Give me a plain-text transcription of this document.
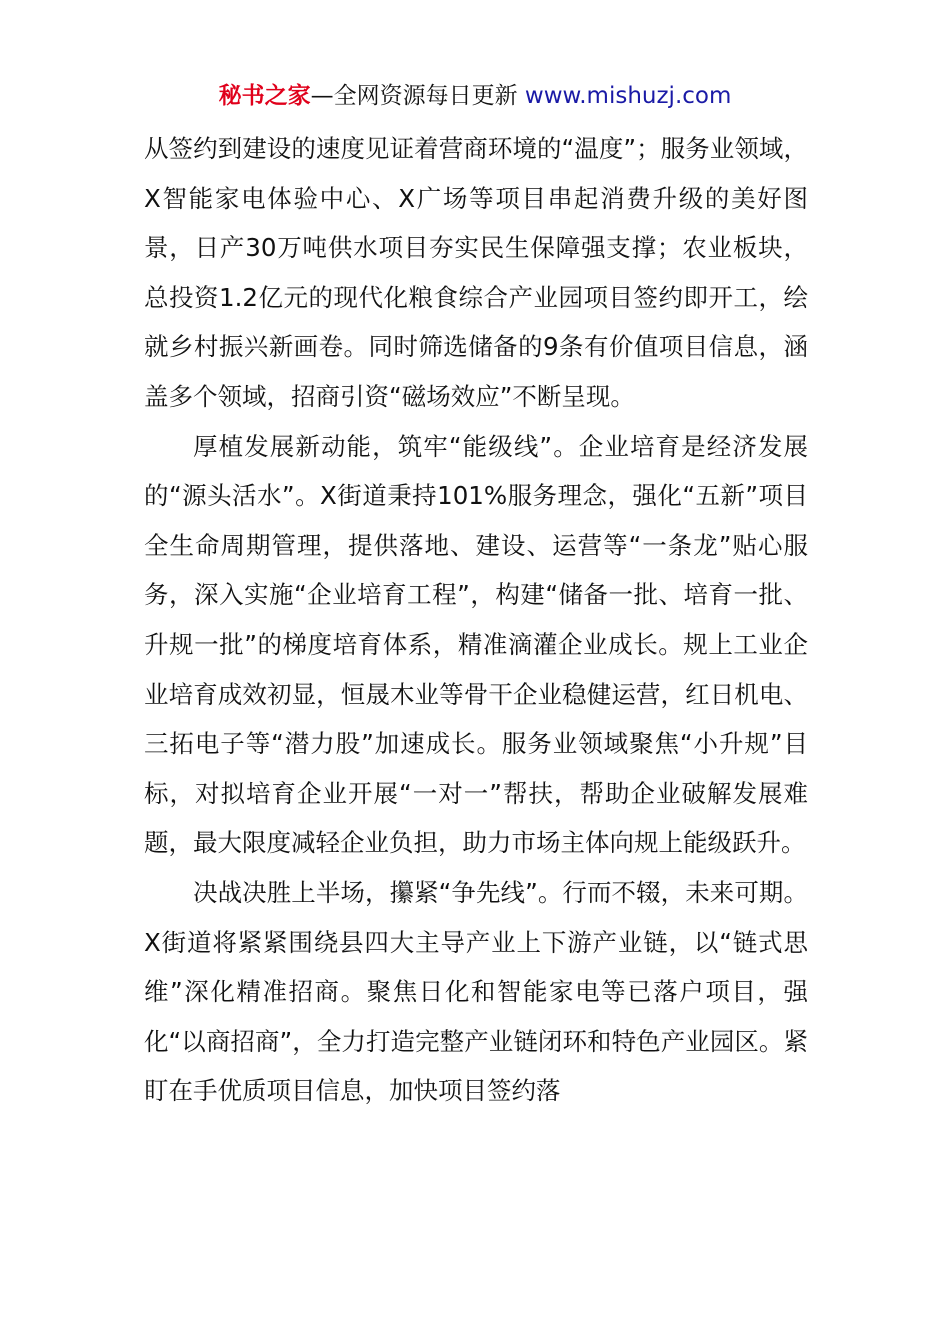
秘书之家—全网资源每日更新 www.mishuzj.com

从签约到建设的速度见证着营商环境的“温度”；服务业领域，X智能家电体验中心、X广场等项目串起消费升级的美好图景，日产30万吨供水项目夯实民生保障强支撑；农业板块，总投资1.2亿元的现代化粮食综合产业园项目签约即开工，绘就乡村振兴新画卷。同时筛选储备的9条有价值项目信息，涵盖多个领域，招商引资“磁场效应”不断呈现。

厚植发展新动能，筑牢“能级线”。企业培育是经济发展的“源头活水”。X街道秉持101%服务理念，强化“五新”项目全生命周期管理，提供落地、建设、运营等“一条龙”贴心服务，深入实施“企业培育工程”，构建“储备一批、培育一批、升规一批”的梯度培育体系，精准滴灌企业成长。规上工业企业培育成效初显，恒晟木业等骨干企业稳健运营，红日机电、三拓电子等“潜力股”加速成长。服务业领域聚焦“小升规”目标，对拟培育企业开展“一对一”帮扶，帮助企业破解发展难题，最大限度减轻企业负担，助力市场主体向规上能级跃升。

决战决胜上半场，攥紧“争先线”。行而不辍，未来可期。X街道将紧紧围绕县四大主导产业上下游产业链，以“链式思维”深化精准招商。聚焦日化和智能家电等已落户项目，强化“以商招商”，全力打造完整产业链闭环和特色产业园区。紧盯在手优质项目信息，加快项目签约落
